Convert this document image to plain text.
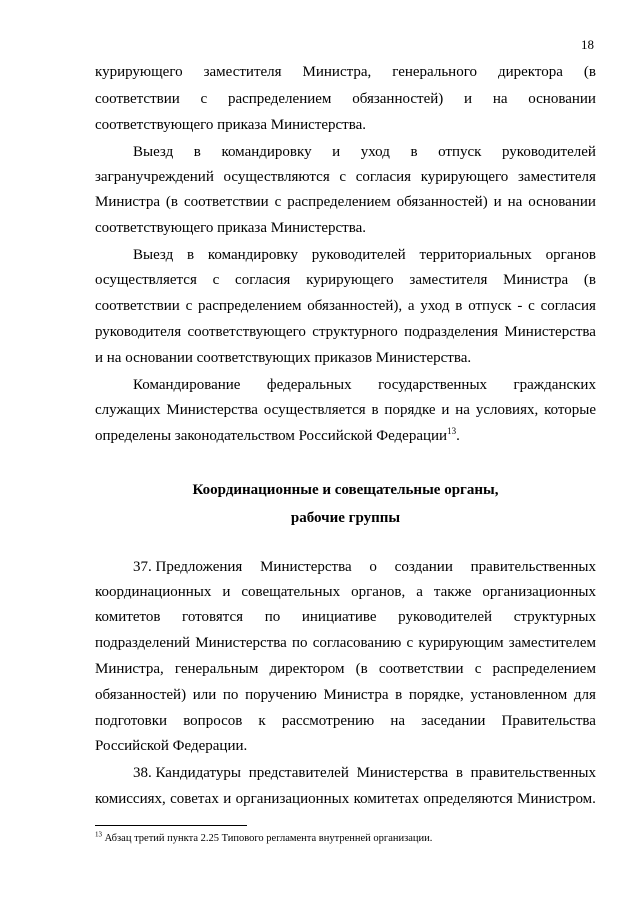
18
курирующего заместителя Министра, генерального директора (в
соответствии с распределением обязанностей) и на основании
соответствующего приказа Министерства.
Выезд в командировку и уход в отпуск руководителей
загранучреждений осуществляются с согласия курирующего заместителя
Министра (в соответствии с распределением обязанностей) и на основании
соответствующего приказа Министерства.
Выезд в командировку руководителей территориальных органов
осуществляется с согласия курирующего заместителя Министра (в
соответствии с распределением обязанностей), а уход в отпуск - с согласия
руководителя соответствующего структурного подразделения Министерства
и на основании соответствующих приказов Министерства.
Командирование федеральных государственных гражданских
служащих Министерства осуществляется в порядке и на условиях, которые
определены законодательством Российской Федерации$^{13}$.
Координационные и совещательные органы,
рабочие группы
37. Предложения Министерства о создании правительственных
координационных и совещательных органов, а также организационных
комитетов готовятся по инициативе руководителей структурных
подразделений Министерства по согласованию с курирующим заместителем
Министра, генеральным директором (в соответствии с распределением
обязанностей) или по поручению Министра в порядке, установленном для
подготовки вопросов к рассмотрению на заседании Правительства
Российской Федерации.
38. Кандидатуры представителей Министерства в правительственных
комиссиях, советах и организационных комитетах определяются Министром.
$^{13}$ Абзац третий пункта 2.25 Типового регламента внутренней организации.
